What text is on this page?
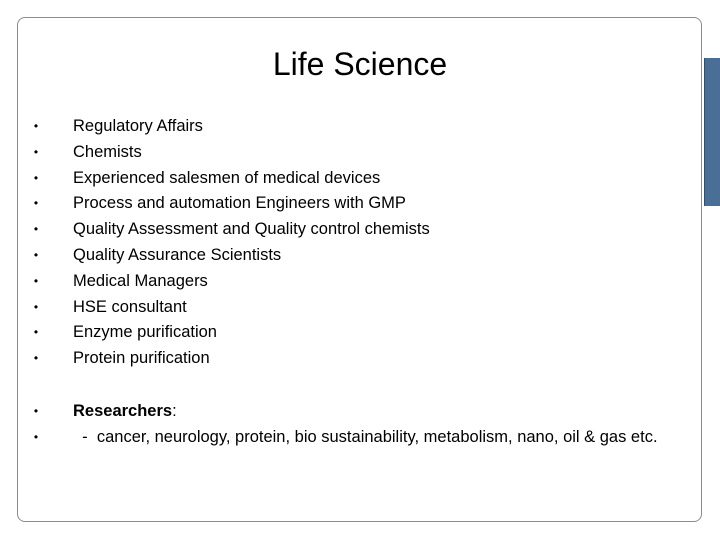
Life Science
• Regulatory Affairs
• Chemists
• Experienced salesmen of medical devices
• Process and automation Engineers with GMP
• Quality Assessment and Quality control chemists
• Quality Assurance Scientists
• Medical Managers
• HSE consultant
• Enzyme purification
• Protein purification
• Researchers:
• -  cancer, neurology, protein, bio sustainability, metabolism, nano, oil & gas etc.
